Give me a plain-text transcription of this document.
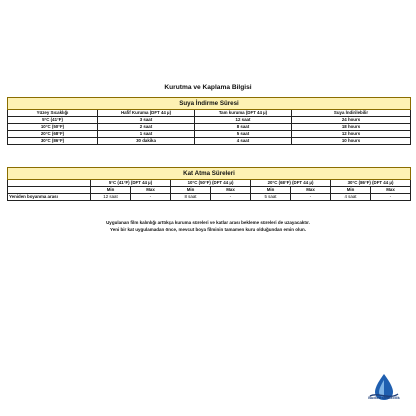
Kurutma ve Kaplama Bilgisi
Suya İndirme Süresi			
Yüzey Sıcaklığı	Hafif Kuruma (DFT 44 µ)	Tam kuruma (DFT 44 µ)	Suya İndirilebilir
5°C (41°F)	3 saat	12 saat	24 hours
10°C (50°F)	2 saat	8 saat	18 hours
20°C (68°F)	1 saat	5 saat	12 hours
30°C (86°F)	30 dakika	4 saat	10 hours
Kat Atma Süreleri								
	5°C (41°F) (DFT 44 µ)		10°C (50°F) (DFT 44 µ)		20°C (68°F) (DFT 44 µ)		30°C (86°F) (DFT 44 µ)	
	Min	Max	Min	Max	Min	Max	Min	Max
Yeniden boyanma arası	12 saat	-	8 saat	-	5 saat	-	4 saat	-
Uygulanan film kalınlığı arttıkça kuruma süreleri ve katlar arası bekleme süreleri de uzayacaktır.
Yeni bir kat uygulamadan önce, mevcut boya filminin tamamen kuru olduğundan emin olun.
Budien Denizcilik
